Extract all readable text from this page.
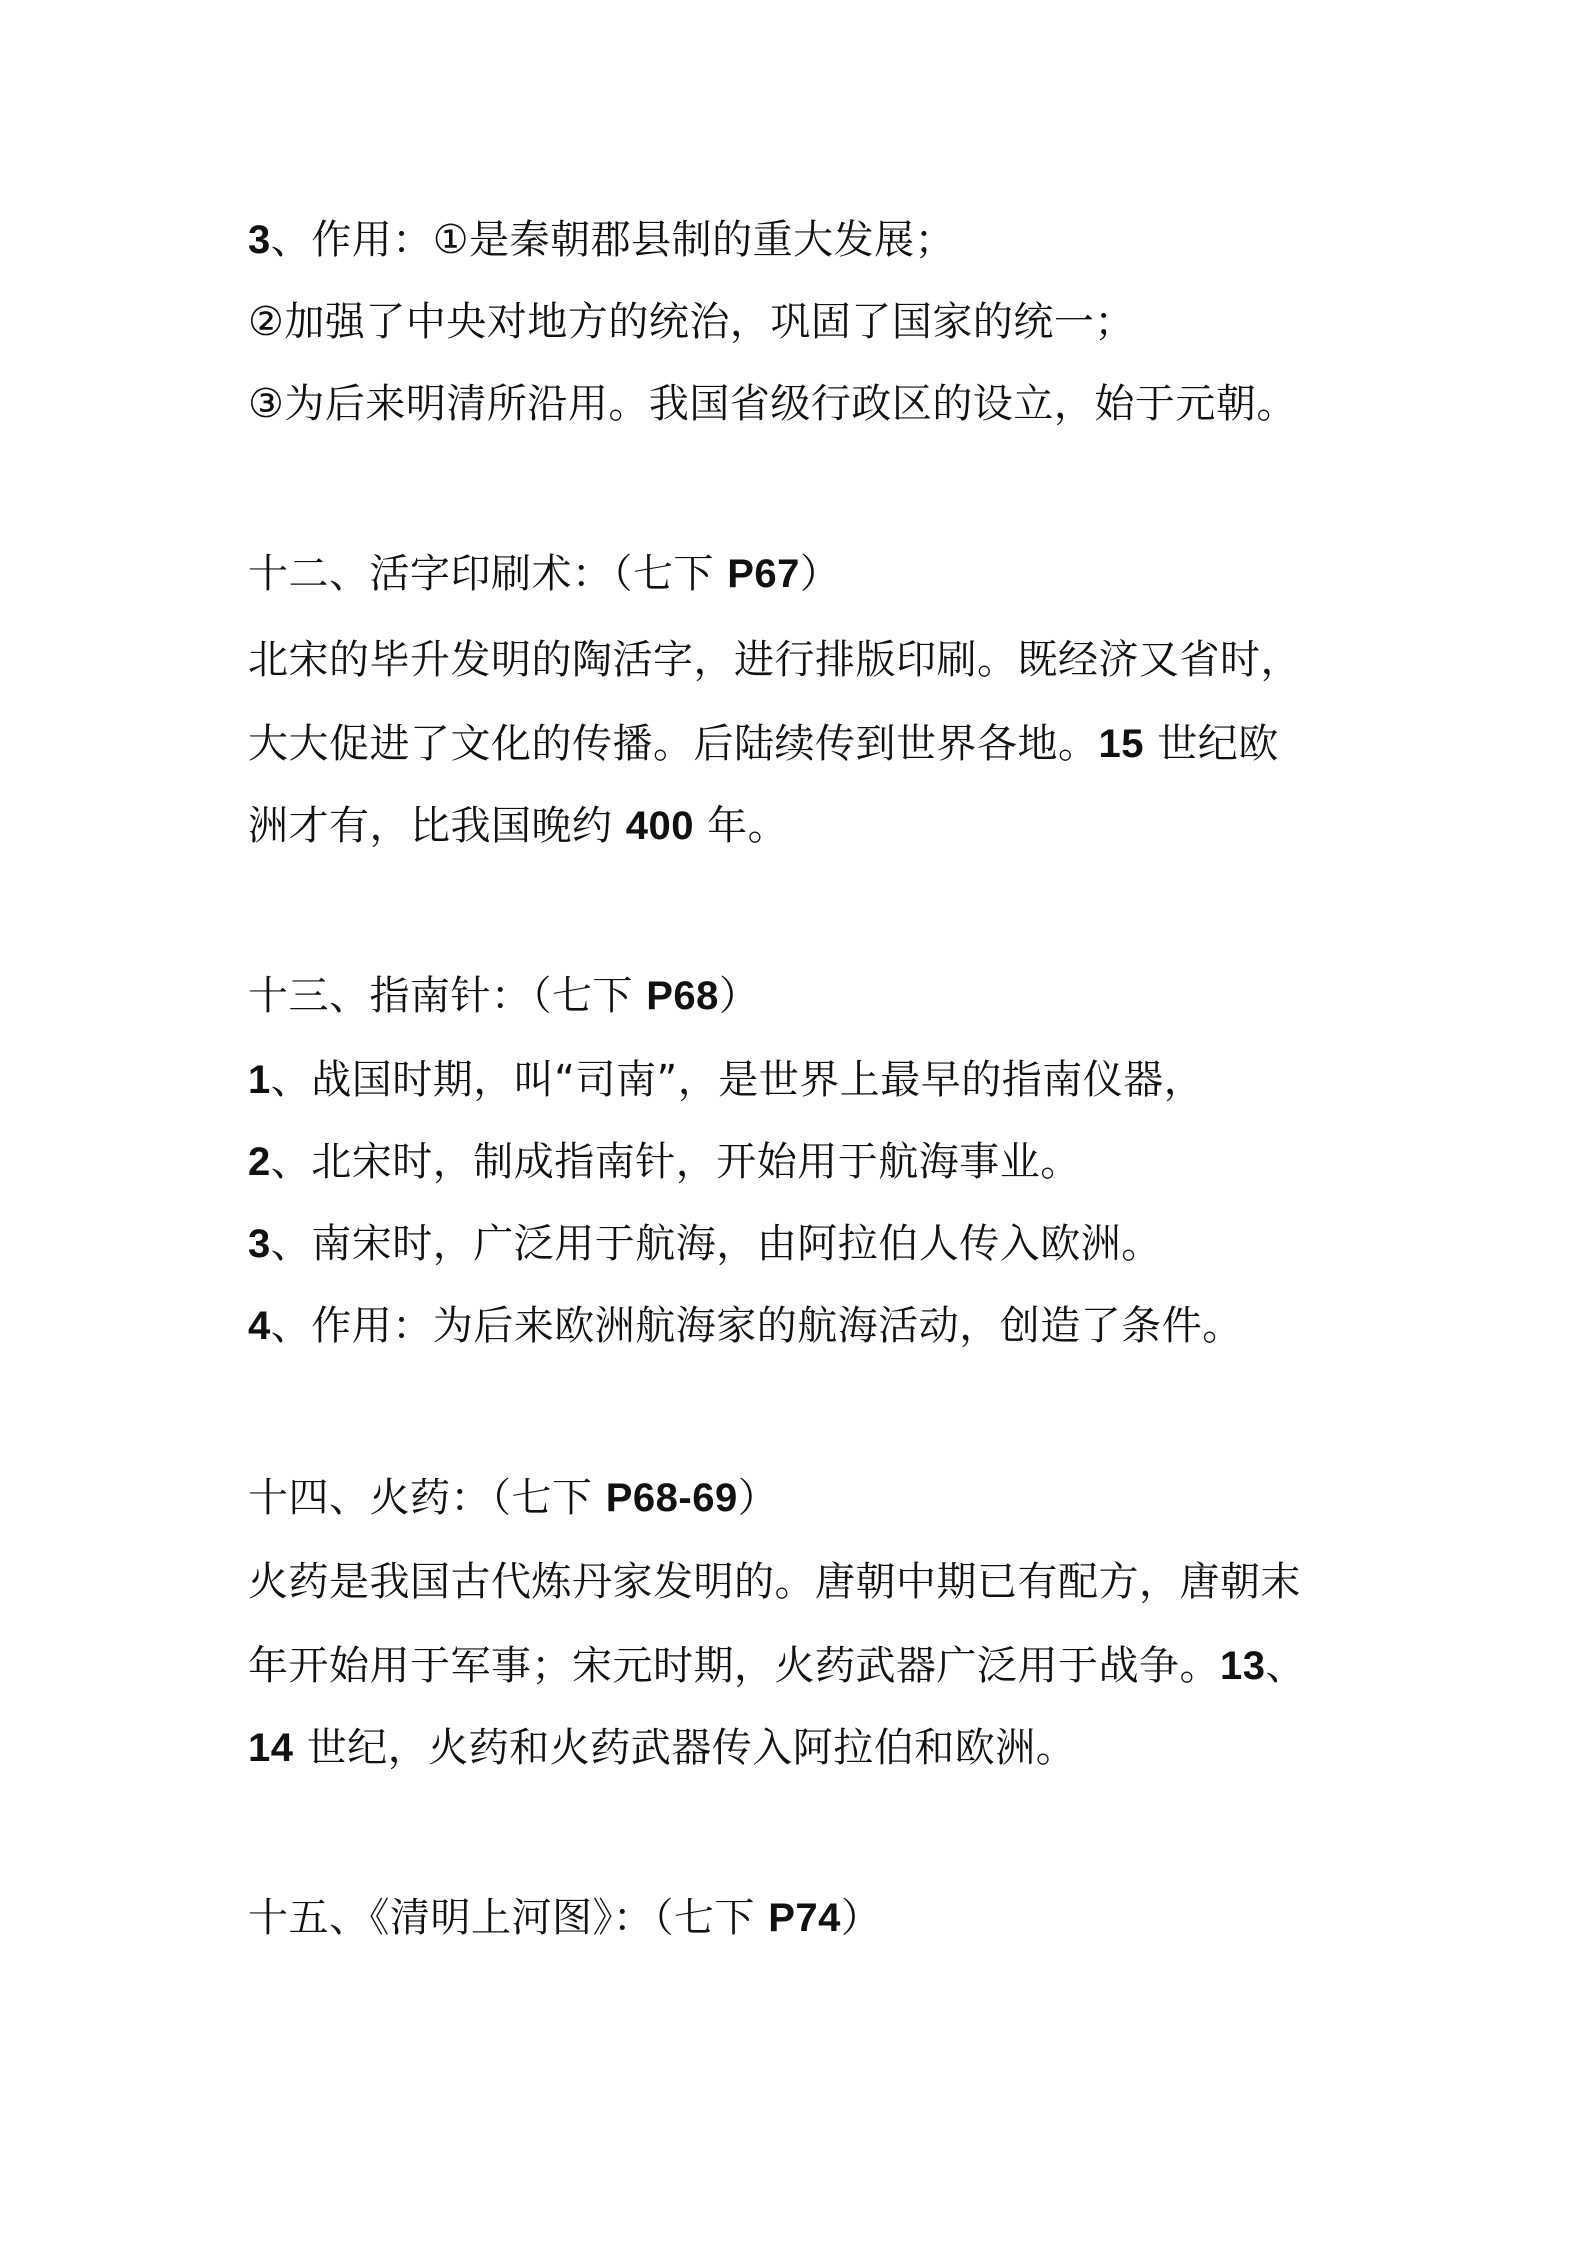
3、作用：①是秦朝郡县制的重大发展；
②加强了中央对地方的统治，巩固了国家的统一；
③为后来明清所沿用。我国省级行政区的设立，始于元朝。
十二、活字印刷术：（七下 P67）
北宋的毕升发明的陶活字，进行排版印刷。既经济又省时，
大大促进了文化的传播。后陆续传到世界各地。15 世纪欧
洲才有，比我国晚约 400 年。
十三、指南针：（七下 P68）
1、战国时期，叫“司南”，是世界上最早的指南仪器，
2、北宋时，制成指南针，开始用于航海事业。
3、南宋时，广泛用于航海，由阿拉伯人传入欧洲。
4、作用：为后来欧洲航海家的航海活动，创造了条件。
十四、火药：（七下 P68-69）
火药是我国古代炼丹家发明的。唐朝中期已有配方，唐朝末
年开始用于军事；宋元时期，火药武器广泛用于战争。13、
14 世纪，火药和火药武器传入阿拉伯和欧洲。
十五、《清明上河图》：（七下 P74）
